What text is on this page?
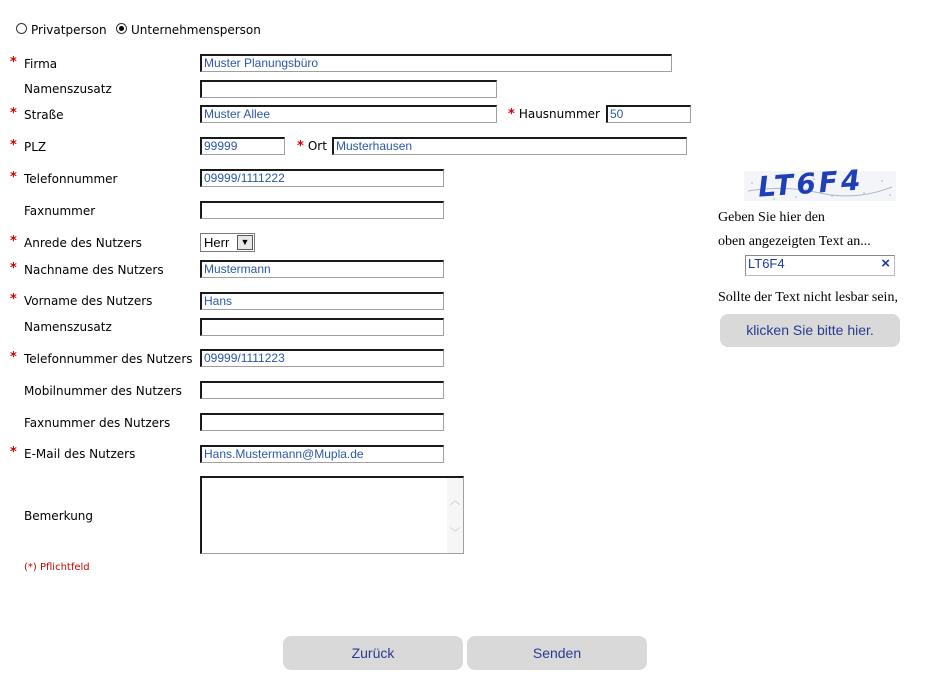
Privatperson Unternehmensperson
* Firma	Muster Planungsbüro
Namenszusatz
* Straße	Muster Allee	* Hausnummer 50
* PLZ	99999	* Ort Musterhausen
* Telefonnummer	09999/1111222
Faxnummer
* Anrede des Nutzers	Herr	▼
* Nachname des Nutzers	Mustermann
* Vorname des Nutzers	Hans
Namenszusatz
* Telefonnummer des Nutzers 09999/1111223
Mobilnummer des Nutzers
Faxnummer des Nutzers
* E-Mail des Nutzers	Hans.Mustermann@Mupla.de
Bemerkung
︿
﹀
(*) Pflichtfeld
LT6F4
Geben Sie hier den
oben angezeigten Text an...
LT6F4	×
Sollte der Text nicht lesbar sein,
klicken Sie bitte hier.
Zurück	Senden
